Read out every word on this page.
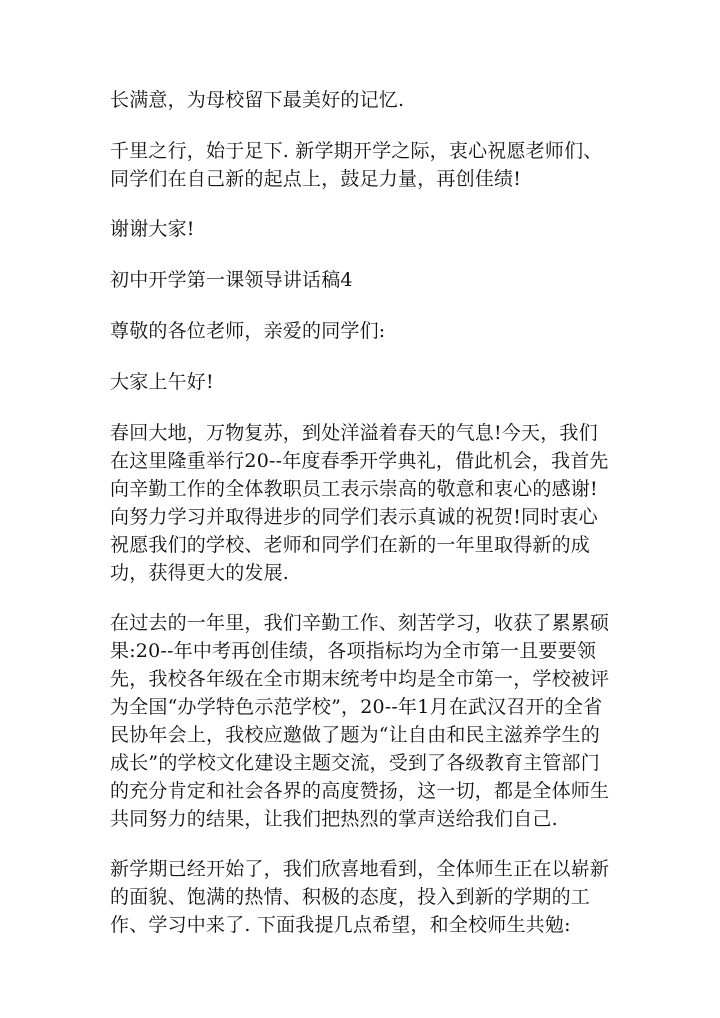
长满意，为母校留下最美好的记忆.

千里之行，始于足下. 新学期开学之际，衷心祝愿老师们、同学们在自己新的起点上，鼓足力量，再创佳绩!

谢谢大家!

初中开学第一课领导讲话稿4

尊敬的各位老师，亲爱的同学们:

大家上午好!

春回大地，万物复苏，到处洋溢着春天的气息!今天，我们在这里隆重举行20--年度春季开学典礼，借此机会，我首先向辛勤工作的全体教职员工表示崇高的敬意和衷心的感谢!向努力学习并取得进步的同学们表示真诚的祝贺!同时衷心祝愿我们的学校、老师和同学们在新的一年里取得新的成功，获得更大的发展.

在过去的一年里，我们辛勤工作、刻苦学习，收获了累累硕果:20--年中考再创佳绩，各项指标均为全市第一且要要领先，我校各年级在全市期末统考中均是全市第一，学校被评为全国“办学特色示范学校”，20--年1月在武汉召开的全省民协年会上，我校应邀做了题为“让自由和民主滋养学生的成长”的学校文化建设主题交流，受到了各级教育主管部门的充分肯定和社会各界的高度赞扬，这一切，都是全体师生共同努力的结果，让我们把热烈的掌声送给我们自己.

新学期已经开始了，我们欣喜地看到，全体师生正在以崭新的面貌、饱满的热情、积极的态度，投入到新的学期的工作、学习中来了. 下面我提几点希望，和全校师生共勉:
